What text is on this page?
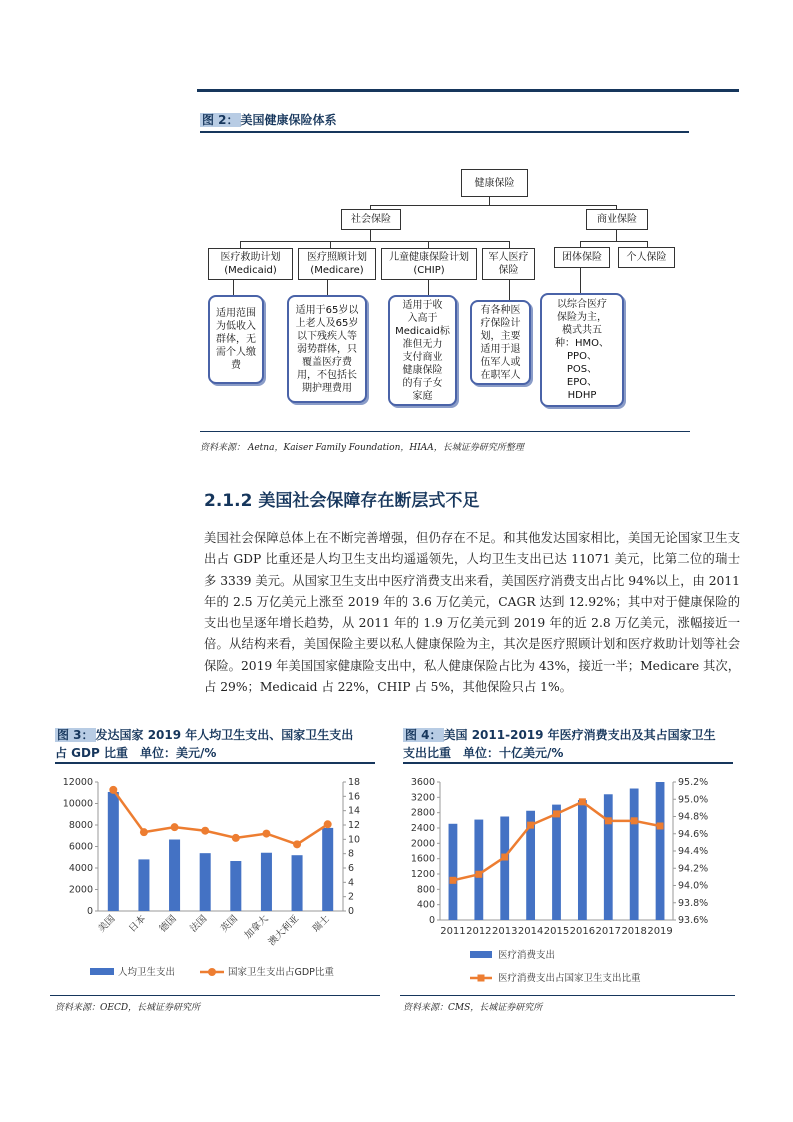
图 2： 美国健康保险体系
健康保险
社会保险	商业保险
医疗救助计划
(Medicaid)
医疗照顾计划
(Medicare)
儿童健康保险计划
(CHIP)
军人医疗
保险
团体保险	个人保险
适用范围
为低收入
群体，无
需个人缴
费
适用于65岁以
上老人及65岁
以下残疾人等
弱势群体，只
覆盖医疗费
用，不包括长
期护理费用
适用于收
入高于
Medicaid标
准但无力
支付商业
健康保险
的有子女
家庭
有各种医
疗保险计
划，主要
适用于退
伍军人或
在职军人
以综合医疗
保险为主，
模式共五
种：HMO、
PPO、
POS、
EPO、
HDHP
资料来源： Aetna，Kaiser Family Foundation，HIAA，长城证券研究所整理
2.1.2 美国社会保障存在断层式不足
美国社会保障总体上在不断完善增强，但仍存在不足。和其他发达国家相比，美国无论国家卫生支出占 GDP 比重还是人均卫生支出均遥遥领先，人均卫生支出已达 11071 美元，比第二位的瑞士多 3339 美元。从国家卫生支出中医疗消费支出来看，美国医疗消费支出占比 94%以上，由 2011 年的 2.5 万亿美元上涨至 2019 年的 3.6 万亿美元，CAGR 达到 12.92%；其中对于健康保险的支出也呈逐年增长趋势，从 2011 年的 1.9 万亿美元到 2019 年的近 2.8 万亿美元，涨幅接近一倍。从结构来看，美国保险主要以私人健康保险为主，其次是医疗照顾计划和医疗救助计划等社会保险。2019 年美国国家健康险支出中，私人健康保险占比为 43%，接近一半；Medicare 其次，占 29%；Medicaid 占 22%，CHIP 占 5%，其他保险只占 1%。
图 3： 发达国家 2019 年人均卫生支出、国家卫生支出
占 GDP 比重　单位：美元/%
图 4： 美国 2011-2019 年医疗消费支出及其占国家卫生
支出比重　单位：十亿美元/%
0
2000
4000
6000
8000
10000
12000
0
2
4
6
8
10
12
14
16
18
美国 日本 德国 法国 英国 加拿大
澳大利亚 瑞士
人均卫生支出	国家卫生支出占GDP比重
0
400
800
1200
1600
2000
2400
2800
3200
3600
93.6%
93.8%
94.0%
94.2%
94.4%
94.6%
94.8%
95.0%
95.2%
2011 2012 2013 2014 2015 2016 2017 2018 2019
医疗消费支出
医疗消费支出占国家卫生支出比重
资料来源：OECD，长城证券研究所	资料来源：CMS，长城证券研究所
